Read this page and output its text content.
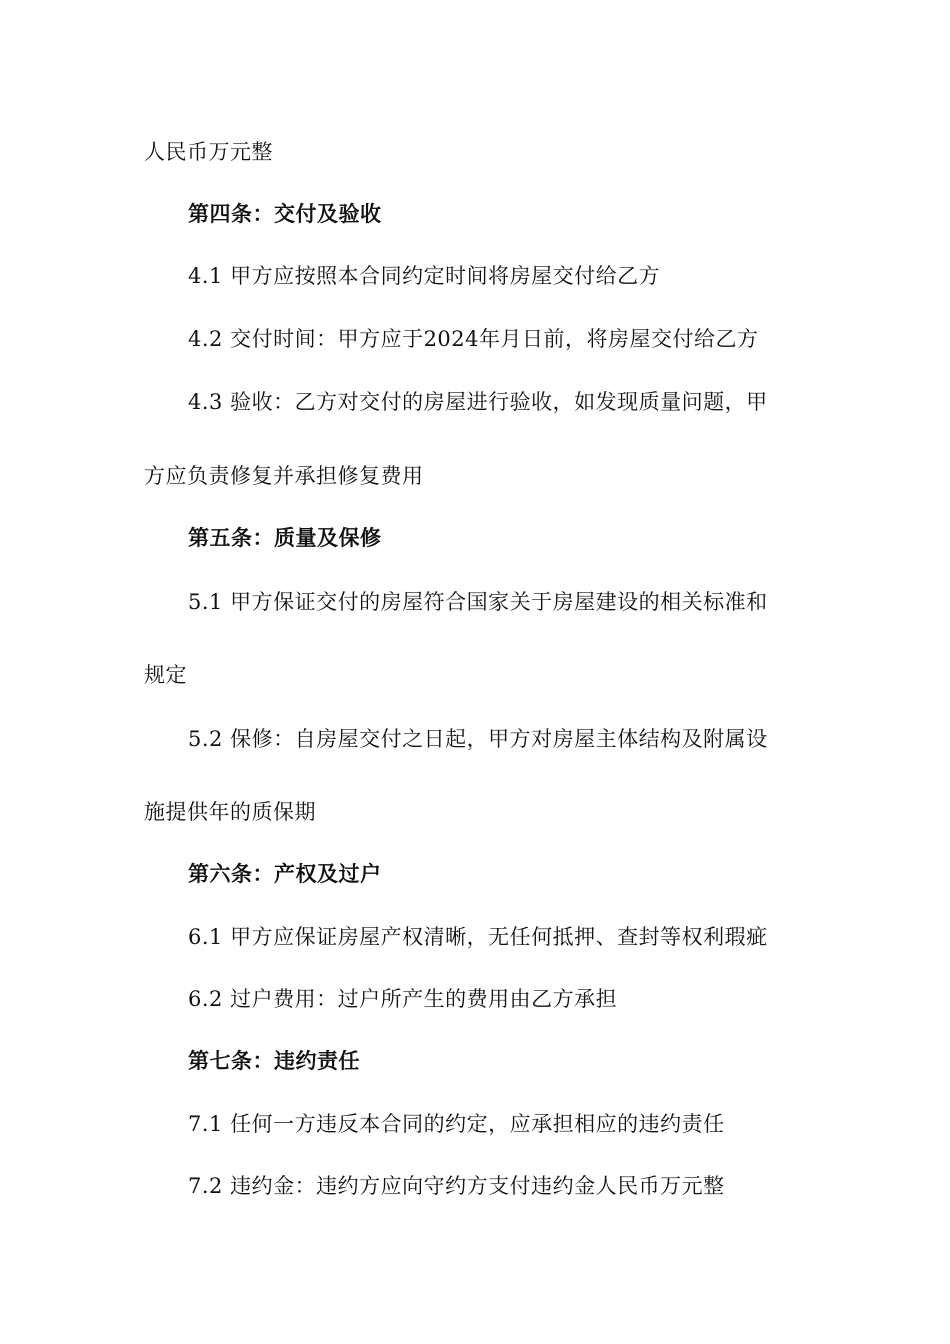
人民币万元整
第四条：交付及验收
4.1 甲方应按照本合同约定时间将房屋交付给乙方
4.2 交付时间：甲方应于2024年月日前，将房屋交付给乙方
4.3 验收：乙方对交付的房屋进行验收，如发现质量问题，甲
方应负责修复并承担修复费用
第五条：质量及保修
5.1 甲方保证交付的房屋符合国家关于房屋建设的相关标准和
规定
5.2 保修：自房屋交付之日起，甲方对房屋主体结构及附属设
施提供年的质保期
第六条：产权及过户
6.1 甲方应保证房屋产权清晰，无任何抵押、查封等权利瑕疵
6.2 过户费用：过户所产生的费用由乙方承担
第七条：违约责任
7.1 任何一方违反本合同的约定，应承担相应的违约责任
7.2 违约金：违约方应向守约方支付违约金人民币万元整
